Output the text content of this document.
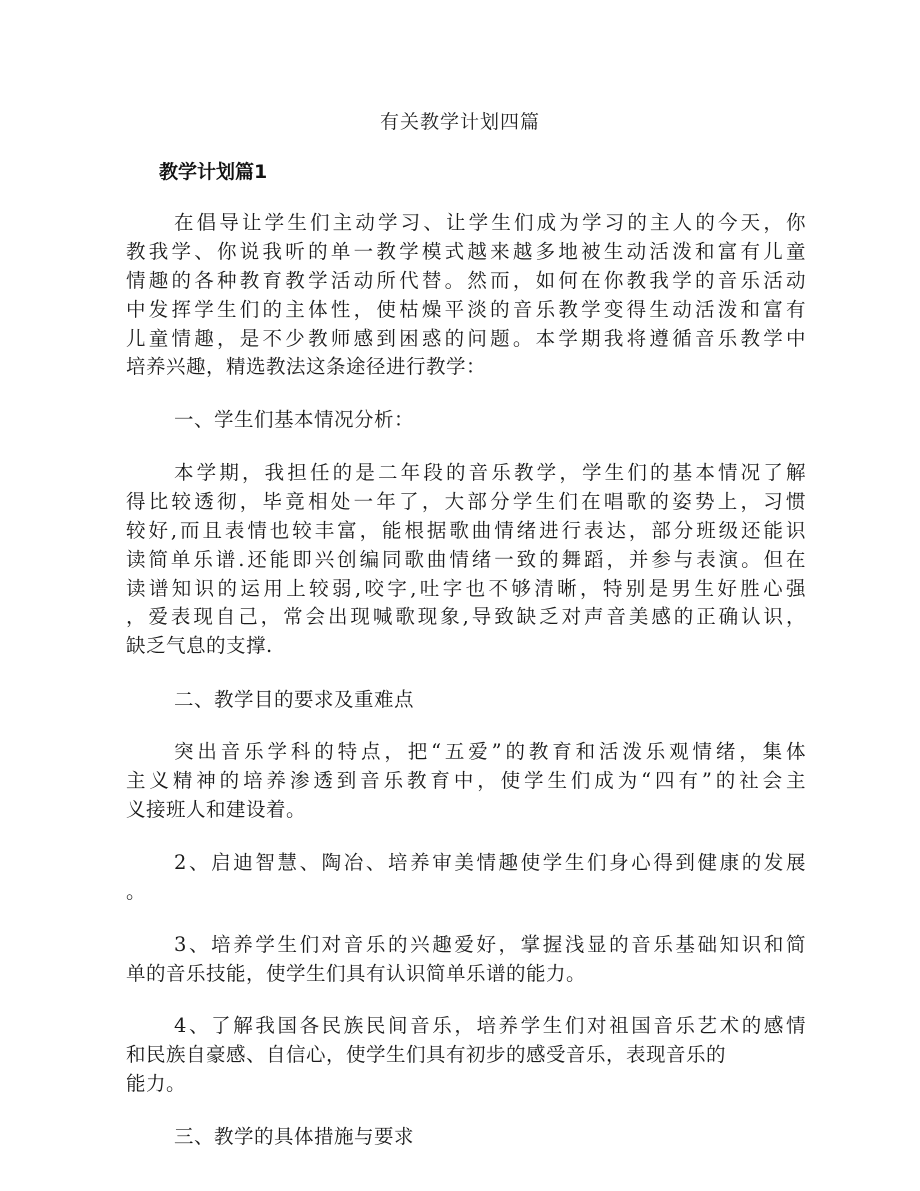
有关教学计划四篇
教学计划篇1
在倡导让学生们主动学习、让学生们成为学习的主人的今天，你
教我学、你说我听的单一教学模式越来越多地被生动活泼和富有儿童
情趣的各种教育教学活动所代替。然而，如何在你教我学的音乐活动
中发挥学生们的主体性，使枯燥平淡的音乐教学变得生动活泼和富有
儿童情趣，是不少教师感到困惑的问题。本学期我将遵循音乐教学中
培养兴趣，精选教法这条途径进行教学：
一、学生们基本情况分析：
本学期，我担任的是二年段的音乐教学，学生们的基本情况了解
得比较透彻，毕竟相处一年了，大部分学生们在唱歌的姿势上，习惯
较好,而且表情也较丰富，能根据歌曲情绪进行表达，部分班级还能识
读简单乐谱.还能即兴创编同歌曲情绪一致的舞蹈，并参与表演。但在
读谱知识的运用上较弱,咬字,吐字也不够清晰，特别是男生好胜心强
，爱表现自己，常会出现喊歌现象,导致缺乏对声音美感的正确认识，
缺乏气息的支撑.
二、教学目的要求及重难点
突出音乐学科的特点，把“五爱”的教育和活泼乐观情绪，集体
主义精神的培养渗透到音乐教育中，使学生们成为“四有”的社会主
义接班人和建设着。
2、启迪智慧、陶冶、培养审美情趣使学生们身心得到健康的发展
。
3、培养学生们对音乐的兴趣爱好，掌握浅显的音乐基础知识和简
单的音乐技能，使学生们具有认识简单乐谱的能力。
4、了解我国各民族民间音乐，培养学生们对祖国音乐艺术的感情
和民族自豪感、自信心，使学生们具有初步的感受音乐，表现音乐的
能力。
三、教学的具体措施与要求
